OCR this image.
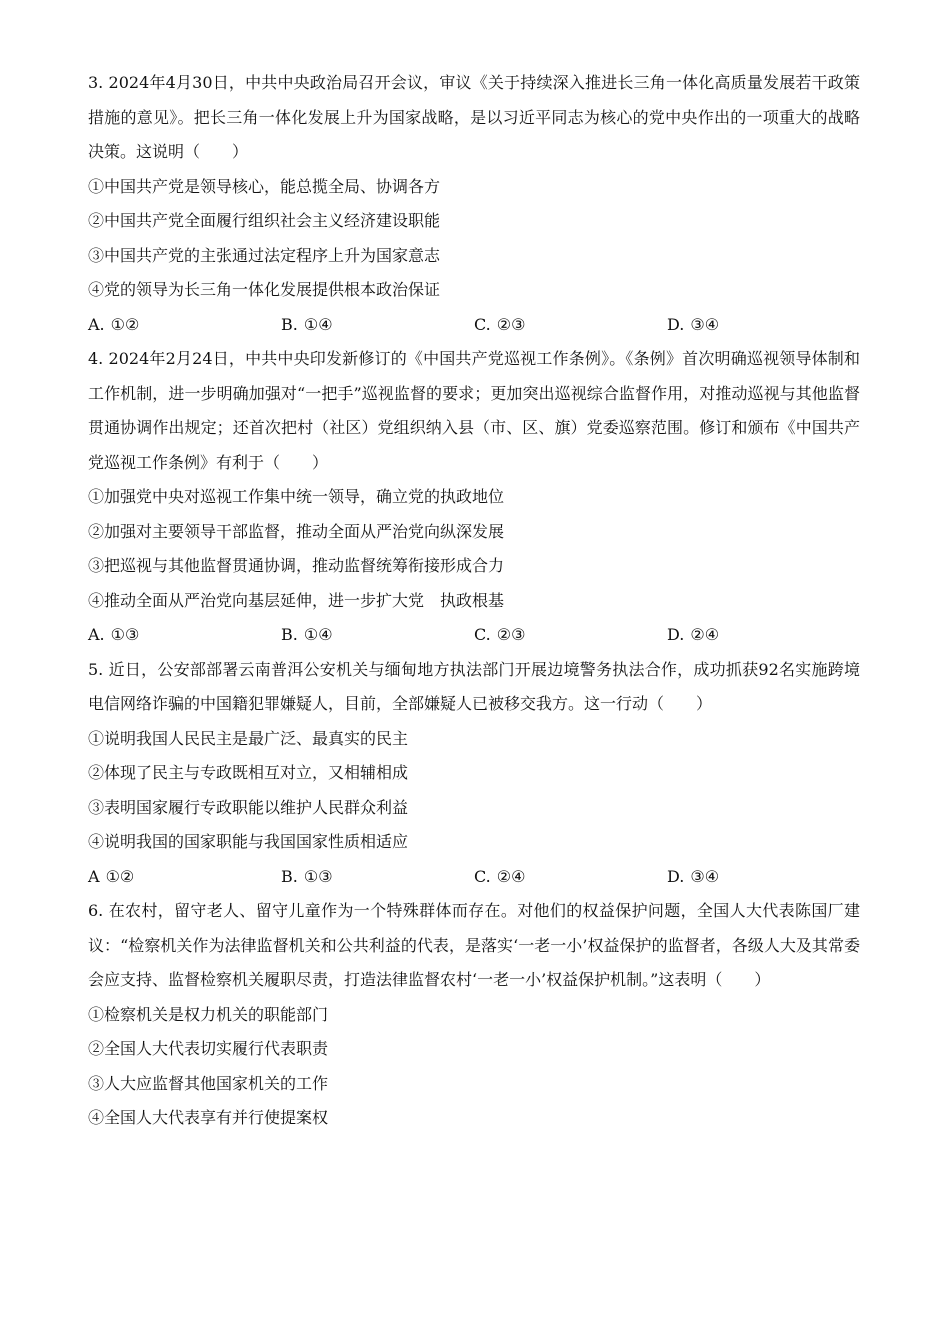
3. 2024年4月30日，中共中央政治局召开会议，审议《关于持续深入推进长三角一体化高质量发展若干政策措施的意见》。把长三角一体化发展上升为国家战略，是以习近平同志为核心的党中央作出的一项重大的战略决策。这说明（　　）

①中国共产党是领导核心，能总揽全局、协调各方

②中国共产党全面履行组织社会主义经济建设职能

③中国共产党的主张通过法定程序上升为国家意志

④党的领导为长三角一体化发展提供根本政治保证

A. ①②	B. ①④	C. ②③	D. ③④

4. 2024年2月24日，中共中央印发新修订的《中国共产党巡视工作条例》。《条例》首次明确巡视领导体制和工作机制，进一步明确加强对“一把手”巡视监督的要求；更加突出巡视综合监督作用，对推动巡视与其他监督贯通协调作出规定；还首次把村（社区）党组织纳入县（市、区、旗）党委巡察范围。修订和颁布《中国共产党巡视工作条例》有利于（　　）

①加强党中央对巡视工作集中统一领导，确立党的执政地位

②加强对主要领导干部监督，推动全面从严治党向纵深发展

③把巡视与其他监督贯通协调，推动监督统筹衔接形成合力

④推动全面从严治党向基层延伸，进一步扩大党　执政根基

A. ①③	B. ①④	C. ②③	D. ②④

5. 近日，公安部部署云南普洱公安机关与缅甸地方执法部门开展边境警务执法合作，成功抓获92名实施跨境电信网络诈骗的中国籍犯罪嫌疑人，目前，全部嫌疑人已被移交我方。这一行动（　　）

①说明我国人民民主是最广泛、最真实的民主

②体现了民主与专政既相互对立，又相辅相成

③表明国家履行专政职能以维护人民群众利益

④说明我国的国家职能与我国国家性质相适应

A ①②	B. ①③	C. ②④	D. ③④

6. 在农村，留守老人、留守儿童作为一个特殊群体而存在。对他们的权益保护问题，全国人大代表陈国厂建议：“检察机关作为法律监督机关和公共利益的代表，是落实‘一老一小’权益保护的监督者，各级人大及其常委会应支持、监督检察机关履职尽责，打造法律监督农村‘一老一小’权益保护机制。”这表明（　　）

①检察机关是权力机关的职能部门

②全国人大代表切实履行代表职责

③人大应监督其他国家机关的工作

④全国人大代表享有并行使提案权
